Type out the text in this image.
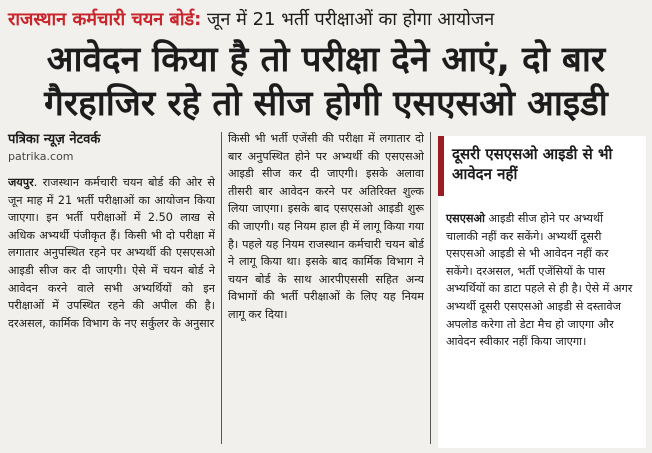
राजस्थान कर्मचारी चयन बोर्ड: जून में 21 भर्ती परीक्षाओं का होगा आयोजन
आवेदन किया है तो परीक्षा देने आएं, दो बार
गैरहाजिर रहे तो सीज होगी एसएसओ आइडी
पत्रिका न्यूज़ नेटवर्क
patrika.com
जयपुर. राजस्थान कर्मचारी चयन बोर्ड की ओर से जून माह में 21 भर्ती परीक्षाओं का आयोजन किया जाएगा। इन भर्ती परीक्षाओं में 2.50 लाख से अधिक अभ्यर्थी पंजीकृत हैं। किसी भी दो परीक्षा में लगातार अनुपस्थित रहने पर अभ्यर्थी की एसएसओ आइडी सीज कर दी जाएगी। ऐसे में चयन बोर्ड ने आवेदन करने वाले सभी अभ्यर्थियों को इन परीक्षाओं में उपस्थित रहने की अपील की है। दरअसल, कार्मिक विभाग के नए सर्कुलर के अनुसार
किसी भी भर्ती एजेंसी की परीक्षा में लगातार दो बार अनुपस्थित होने पर अभ्यर्थी की एसएसओ आइडी सीज कर दी जाएगी। इसके अलावा तीसरी बार आवेदन करने पर अतिरिक्त शुल्क लिया जाएगा। इसके बाद एसएसओ आइडी शुरू की जाएगी। यह नियम हाल ही में लागू किया गया है। पहले यह नियम राजस्थान कर्मचारी चयन बोर्ड ने लागू किया था। इसके बाद कार्मिक विभाग ने चयन बोर्ड के साथ आरपीएससी सहित अन्य विभागों की भर्ती परीक्षाओं के लिए यह नियम लागू कर दिया।
दूसरी एसएसओ आइडी से भी आवेदन नहीं
एसएसओ आइडी सीज होने पर अभ्यर्थी चालाकी नहीं कर सकेंगे। अभ्यर्थी दूसरी एसएसओ आइडी से भी आवेदन नहीं कर सकेंगे। दरअसल, भर्ती एजेंसियों के पास अभ्यर्थियों का डाटा पहले से ही है। ऐसे में अगर अभ्यर्थी दूसरी एसएसओ आइडी से दस्तावेज अपलोड करेगा तो डेटा मैच हो जाएगा और आवेदन स्वीकार नहीं किया जाएगा।
